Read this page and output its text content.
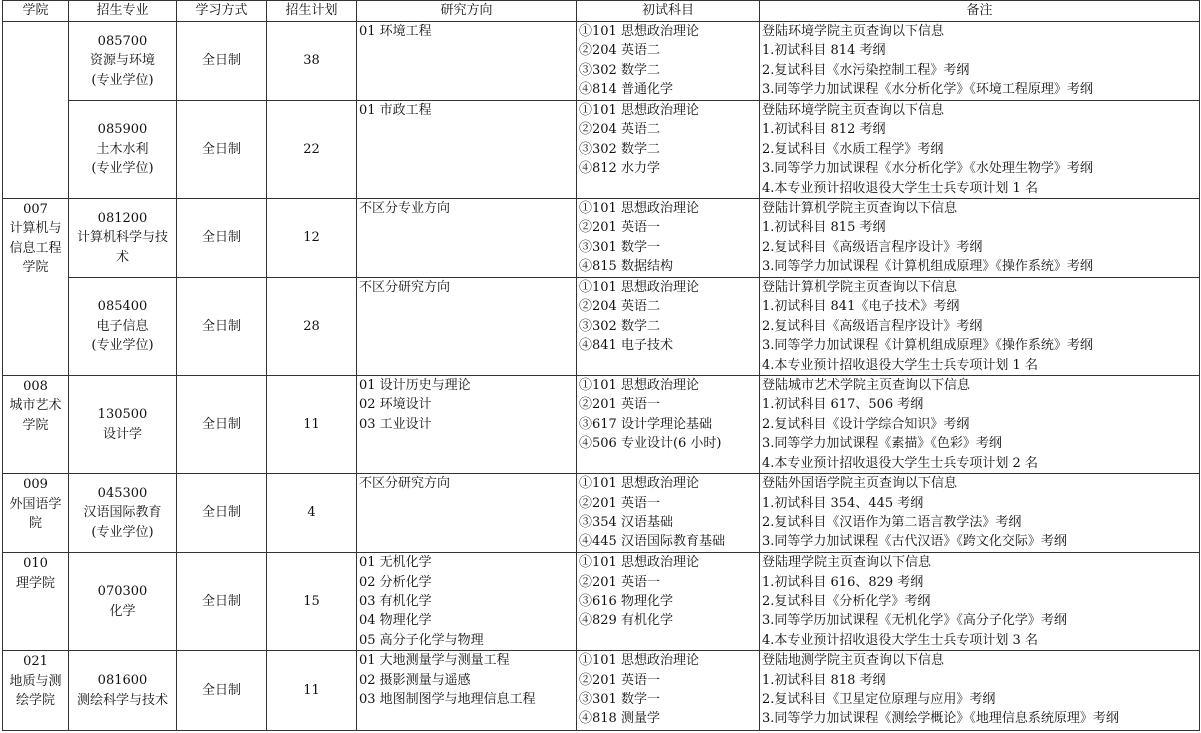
学院	招生专业	学习方式	招生计划	研究方向	初试科目	备注

	085700
资源与环境
(专业学位)	全日制	38	01 环境工程	①101 思想政治理论
②204 英语二
③302 数学二
④814 普通化学	登陆环境学院主页查询以下信息
1.初试科目 814 考纲
2.复试科目《水污染控制工程》考纲
3.同等学力加试课程《水分析化学》《环境工程原理》考纲

	085900
土木水利
(专业学位)	全日制	22	01 市政工程	①101 思想政治理论
②204 英语二
③302 数学二
④812 水力学	登陆环境学院主页查询以下信息
1.初试科目 812 考纲
2.复试科目《水质工程学》考纲
3.同等学力加试课程《水分析化学》《水处理生物学》考纲
4.本专业预计招收退役大学生士兵专项计划 1 名

007
计算机与
信息工程
学院	081200
计算机科学与技
术	全日制	12	不区分专业方向	①101 思想政治理论
②201 英语一
③301 数学一
④815 数据结构	登陆计算机学院主页查询以下信息
1.初试科目 815 考纲
2.复试科目《高级语言程序设计》考纲
3.同等学力加试课程《计算机组成原理》《操作系统》考纲

	085400
电子信息
(专业学位)	全日制	28	不区分研究方向	①101 思想政治理论
②204 英语二
③302 数学二
④841 电子技术	登陆计算机学院主页查询以下信息
1.初试科目 841《电子技术》考纲
2.复试科目《高级语言程序设计》考纲
3.同等学力加试课程《计算机组成原理》《操作系统》考纲
4.本专业预计招收退役大学生士兵专项计划 1 名

008
城市艺术
学院	130500
设计学	全日制	11	01 设计历史与理论
02 环境设计
03 工业设计	①101 思想政治理论
②201 英语一
③617 设计学理论基础
④506 专业设计(6 小时)	登陆城市艺术学院主页查询以下信息
1.初试科目 617、506 考纲
2.复试科目《设计学综合知识》考纲
3.同等学力加试课程《素描》《色彩》考纲
4.本专业预计招收退役大学生士兵专项计划 2 名

009
外国语学
院	045300
汉语国际教育
(专业学位)	全日制	4	不区分研究方向	①101 思想政治理论
②201 英语一
③354 汉语基础
④445 汉语国际教育基础	登陆外国语学院主页查询以下信息
1.初试科目 354、445 考纲
2.复试科目《汉语作为第二语言教学法》考纲
3.同等学力加试课程《古代汉语》《跨文化交际》考纲

010
理学院	070300
化学	全日制	15	01 无机化学
02 分析化学
03 有机化学
04 物理化学
05 高分子化学与物理	①101 思想政治理论
②201 英语一
③616 物理化学
④829 有机化学	登陆理学院主页查询以下信息
1.初试科目 616、829 考纲
2.复试科目《分析化学》考纲
3.同等学历加试课程《无机化学》《高分子化学》考纲
4.本专业预计招收退役大学生士兵专项计划 3 名

021
地质与测
绘学院	081600
测绘科学与技术	全日制	11	01 大地测量学与测量工程
02 摄影测量与遥感
03 地图制图学与地理信息工程	①101 思想政治理论
②201 英语一
③301 数学一
④818 测量学	登陆地测学院主页查询以下信息
1.初试科目 818 考纲
2.复试科目《卫星定位原理与应用》考纲
3.同等学力加试课程《测绘学概论》《地理信息系统原理》考纲
